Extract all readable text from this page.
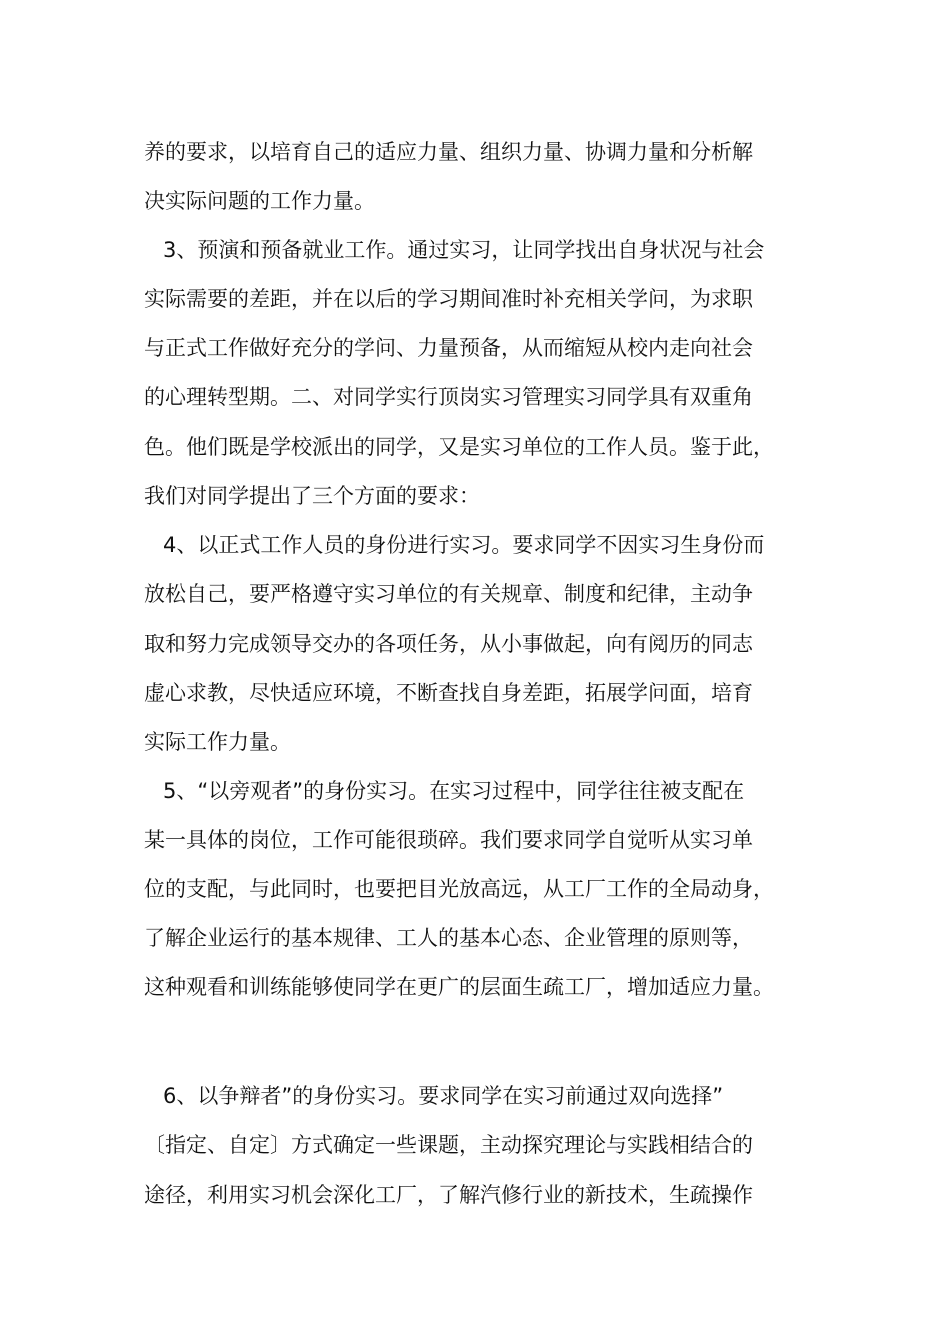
养的要求，以培育自己的适应力量、组织力量、协调力量和分析解
决实际问题的工作力量。
3、预演和预备就业工作。通过实习，让同学找出自身状况与社会
实际需要的差距，并在以后的学习期间准时补充相关学问，为求职
与正式工作做好充分的学问、力量预备，从而缩短从校内走向社会
的心理转型期。二、对同学实行顶岗实习管理实习同学具有双重角
色。他们既是学校派出的同学，又是实习单位的工作人员。鉴于此，
我们对同学提出了三个方面的要求：
4、以正式工作人员的身份进行实习。要求同学不因实习生身份而
放松自己，要严格遵守实习单位的有关规章、制度和纪律，主动争
取和努力完成领导交办的各项任务，从小事做起，向有阅历的同志
虚心求教，尽快适应环境，不断查找自身差距，拓展学问面，培育
实际工作力量。
5、“以旁观者”的身份实习。在实习过程中，同学往往被支配在
某一具体的岗位，工作可能很琐碎。我们要求同学自觉听从实习单
位的支配，与此同时，也要把目光放高远，从工厂工作的全局动身，
了解企业运行的基本规律、工人的基本心态、企业管理的原则等，
这种观看和训练能够使同学在更广的层面生疏工厂，增加适应力量。
6、以争辩者”的身份实习。要求同学在实习前通过双向选择”
〔指定、自定〕方式确定一些课题，主动探究理论与实践相结合的
途径，利用实习机会深化工厂，了解汽修行业的新技术，生疏操作
